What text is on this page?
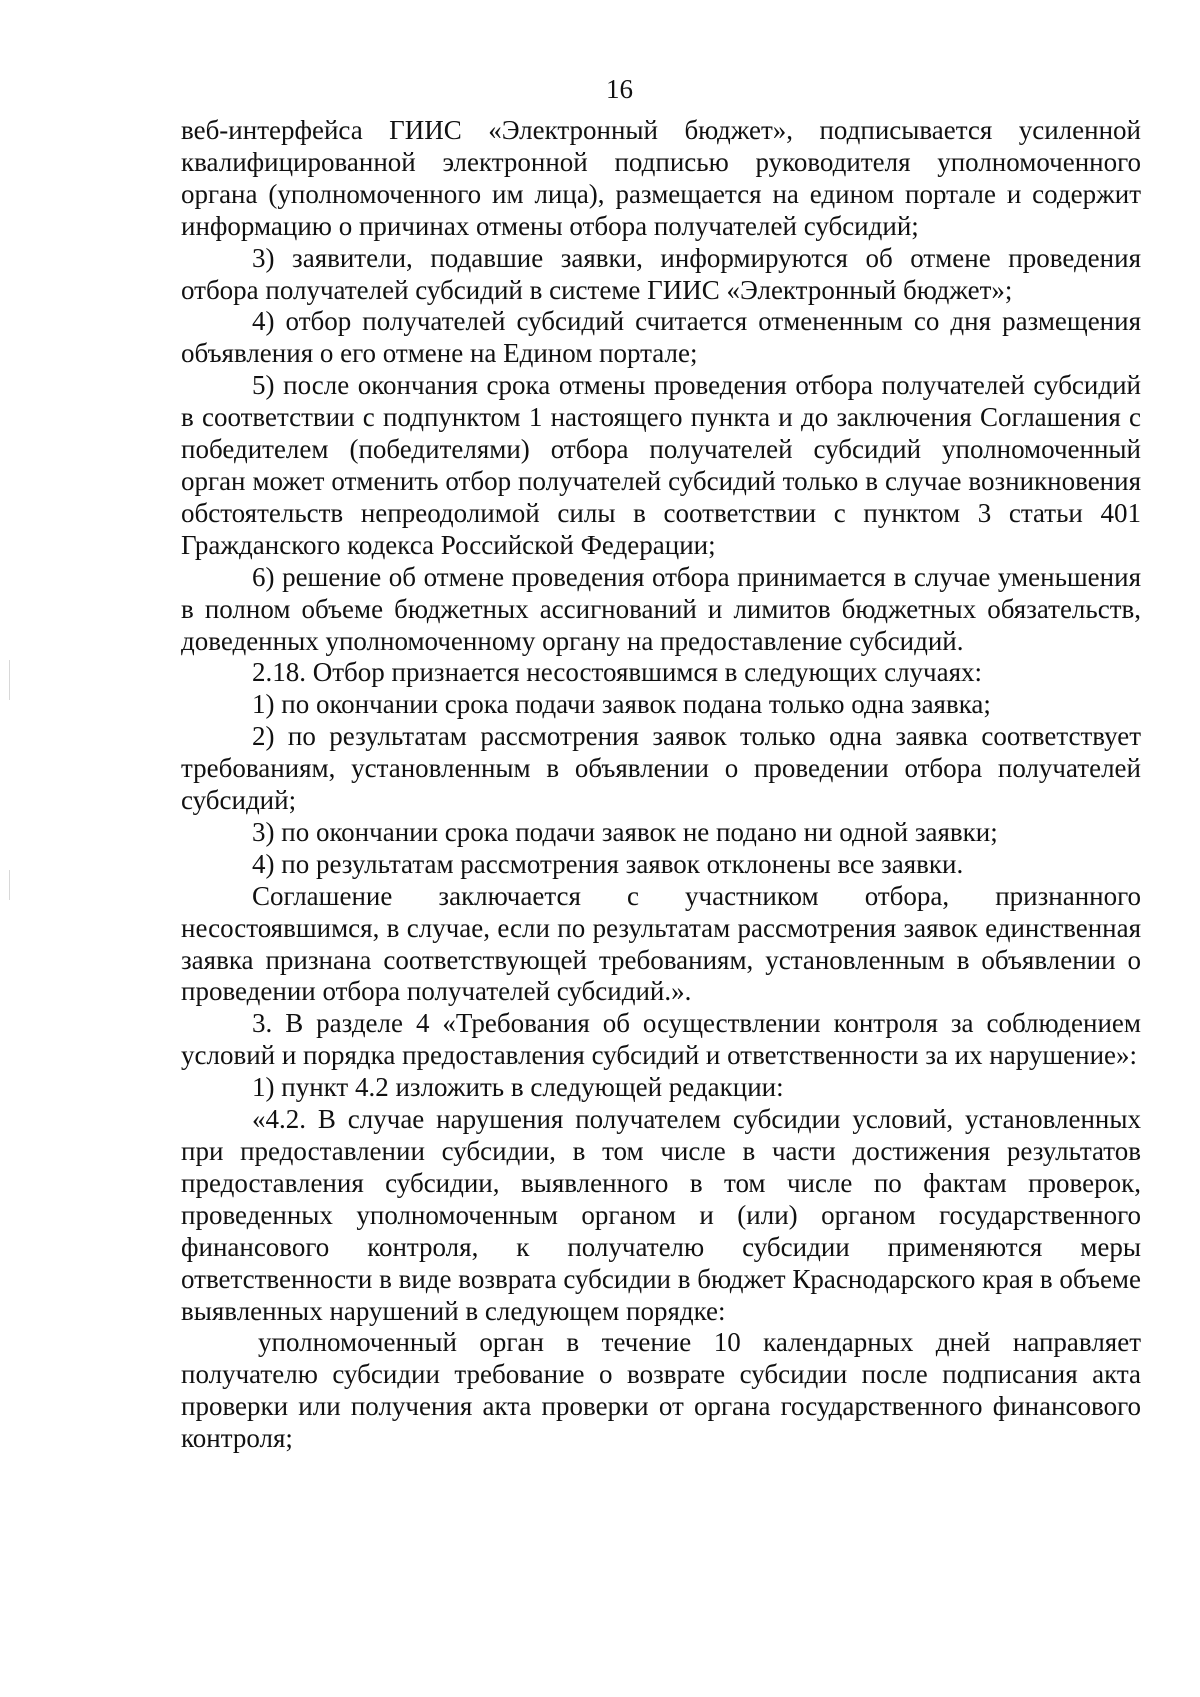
16

веб-интерфейса ГИИС «Электронный бюджет», подписывается усиленной квалифицированной электронной подписью руководителя уполномоченного органа (уполномоченного им лица), размещается на едином портале и содержит информацию о причинах отмены отбора получателей субсидий;

3) заявители, подавшие заявки, информируются об отмене проведения отбора получателей субсидий в системе ГИИС «Электронный бюджет»;

4) отбор получателей субсидий считается отмененным со дня размещения объявления о его отмене на Едином портале;

5) после окончания срока отмены проведения отбора получателей субсидий в соответствии с подпунктом 1 настоящего пункта и до заключения Соглашения с победителем (победителями) отбора получателей субсидий уполномоченный орган может отменить отбор получателей субсидий только в случае возникновения обстоятельств непреодолимой силы в соответствии с пунктом 3 статьи 401 Гражданского кодекса Российской Федерации;

6) решение об отмене проведения отбора принимается в случае уменьшения в полном объеме бюджетных ассигнований и лимитов бюджетных обязательств, доведенных уполномоченному органу на предоставление субсидий.

2.18. Отбор признается несостоявшимся в следующих случаях:

1) по окончании срока подачи заявок подана только одна заявка;

2) по результатам рассмотрения заявок только одна заявка соответствует требованиям, установленным в объявлении о проведении отбора получателей субсидий;

3) по окончании срока подачи заявок не подано ни одной заявки;

4) по результатам рассмотрения заявок отклонены все заявки.

Соглашение заключается с участником отбора, признанного несостоявшимся, в случае, если по результатам рассмотрения заявок единственная заявка признана соответствующей требованиям, установленным в объявлении о проведении отбора получателей субсидий.».

3. В разделе 4 «Требования об осуществлении контроля за соблюдением условий и порядка предоставления субсидий и ответственности за их нарушение»:

1) пункт 4.2 изложить в следующей редакции:

«4.2. В случае нарушения получателем субсидии условий, установленных при предоставлении субсидии, в том числе в части достижения результатов предоставления субсидии, выявленного в том числе по фактам проверок, проведенных уполномоченным органом и (или) органом государственного финансового контроля, к получателю субсидии применяются меры ответственности в виде возврата субсидии в бюджет Краснодарского края в объеме выявленных нарушений в следующем порядке:

уполномоченный орган в течение 10 календарных дней направляет получателю субсидии требование о возврате субсидии после подписания акта проверки или получения акта проверки от органа государственного финансового контроля;
